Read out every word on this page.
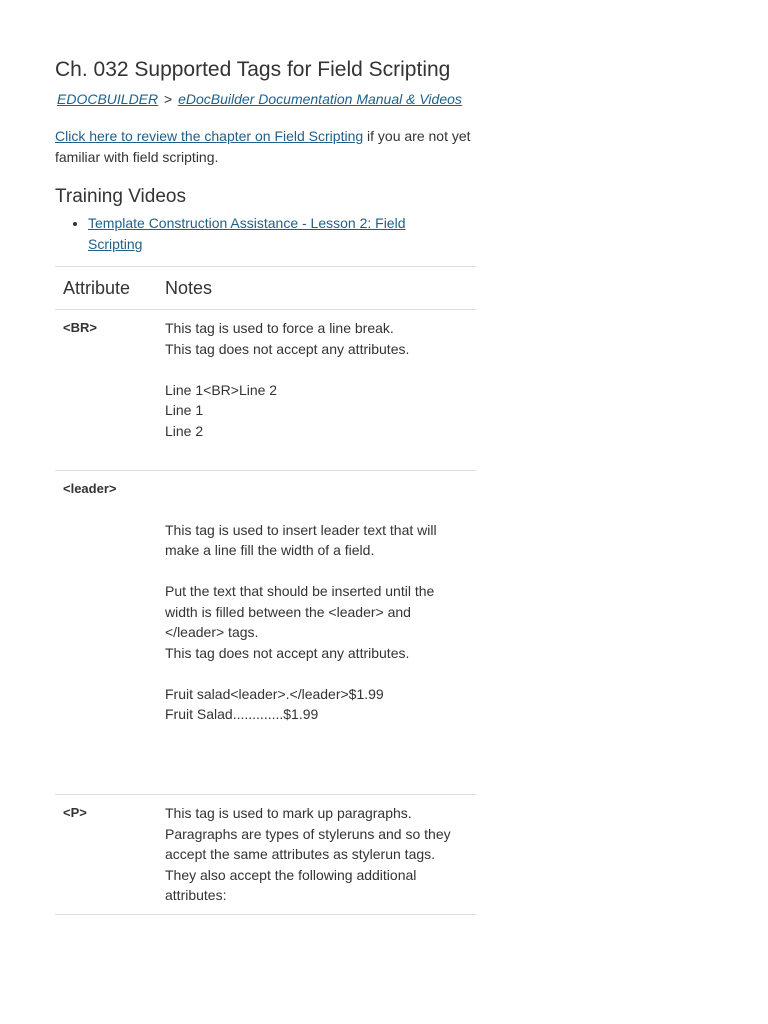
Ch. 032 Supported Tags for Field Scripting
EDOCBUILDER > eDocBuilder Documentation Manual & Videos

Click here to review the chapter on Field Scripting if you are not yet familiar with field scripting.

Training Videos
• Template Construction Assistance - Lesson 2: Field Scripting
Attribute	Notes
<BR>	This tag is used to force a line break.
This tag does not accept any attributes.
Line 1<BR>Line 2
Line 1
Line 2

<leader>	This tag is used to insert leader text that will make a line fill the width of a field.
Put the text that should be inserted until the width is filled between the <leader> and </leader> tags.
This tag does not accept any attributes.
Fruit salad<leader>.</leader>$1.99
Fruit Salad.............$1.99

<P>	This tag is used to mark up paragraphs. Paragraphs are types of styleruns and so they accept the same attributes as stylerun tags. They also accept the following additional attributes:
